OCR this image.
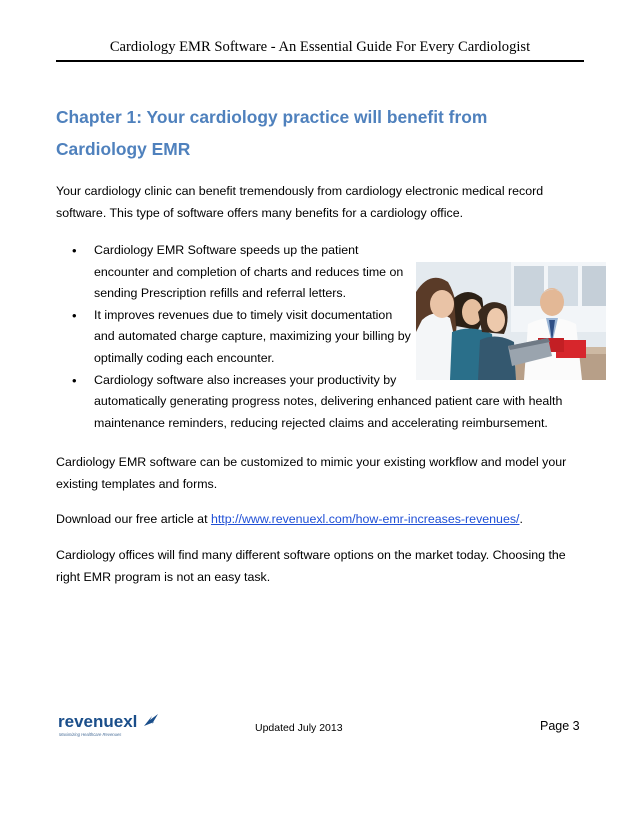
Cardiology EMR Software - An Essential Guide For Every Cardiologist
Chapter 1: Your cardiology practice will benefit from
Cardiology EMR

Your cardiology clinic can benefit tremendously from cardiology electronic medical record
software. This type of software offers many benefits for a cardiology office.

• Cardiology EMR Software speeds up the patient
encounter and completion of charts and reduces time on
sending Prescription refills and referral letters.
• It improves revenues due to timely visit documentation
and automated charge capture, maximizing your billing by
optimally coding each encounter.
• Cardiology software also increases your productivity by
automatically generating progress notes, delivering enhanced patient care with health
maintenance reminders, reducing rejected claims and accelerating reimbursement.

Cardiology EMR software can be customized to mimic your existing workflow and model your
existing templates and forms.

Download our free article at http://www.revenuexl.com/how-emr-increases-revenues/.

Cardiology offices will find many different software options on the market today. Choosing the
right EMR program is not an easy task.

revenuexl
Maximizing Healthcare Revenues
Updated July 2013	Page 3
